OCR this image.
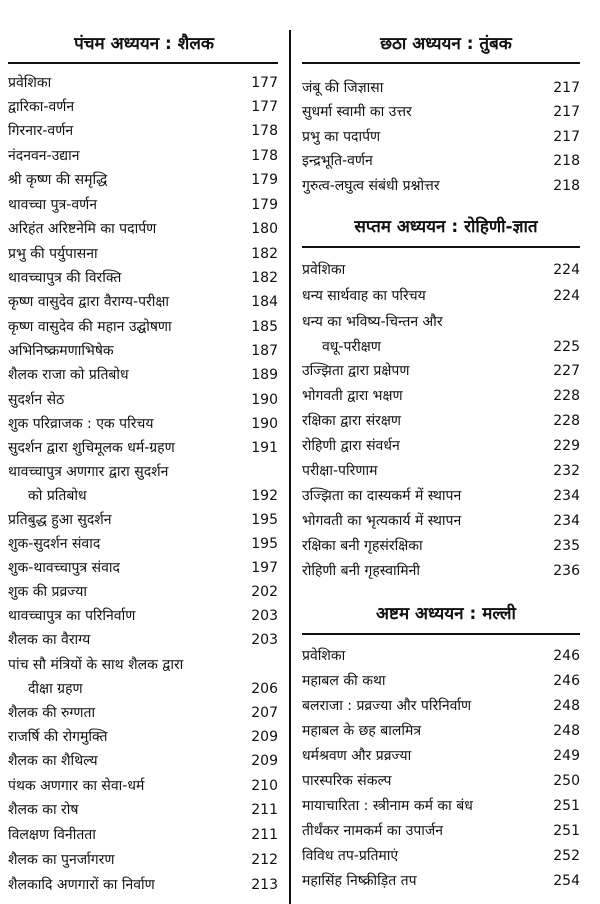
पंचम अध्ययन : शैलक
प्रवेशिका	177
द्वारिका-वर्णन	177
गिरनार-वर्णन	178
नंदनवन-उद्यान	178
श्री कृष्ण की समृद्धि	179
थावच्चा पुत्र-वर्णन	179
अरिहंत अरिष्टनेमि का पदार्पण	180
प्रभु की पर्युपासना	182
थावच्चापुत्र की विरक्ति	182
कृष्ण वासुदेव द्वारा वैराग्य-परीक्षा	184
कृष्ण वासुदेव की महान उद्घोषणा	185
अभिनिष्क्रमणाभिषेक	187
शैलक राजा को प्रतिबोध	189
सुदर्शन सेठ	190
शुक परिव्राजक : एक परिचय	190
सुदर्शन द्वारा शुचिमूलक धर्म-ग्रहण	191
थावच्चापुत्र अणगार द्वारा सुदर्शन
को प्रतिबोध	192
प्रतिबुद्ध हुआ सुदर्शन	195
शुक-सुदर्शन संवाद	195
शुक-थावच्चापुत्र संवाद	197
शुक की प्रव्रज्या	202
थावच्चापुत्र का परिनिर्वाण	203
शैलक का वैराग्य	203
पांच सौ मंत्रियों के साथ शैलक द्वारा
दीक्षा ग्रहण	206
शैलक की रुग्णता	207
राजर्षि की रोगमुक्ति	209
शैलक का शैथिल्य	209
पंथक अणगार का सेवा-धर्म	210
शैलक का रोष	211
विलक्षण विनीतता	211
शैलक का पुनर्जागरण	212
शैलकादि अणगारों का निर्वाण	213
छठा अध्ययन : तुंबक
जंबू की जिज्ञासा	217
सुधर्मा स्वामी का उत्तर	217
प्रभु का पदार्पण	217
इन्द्रभूति-वर्णन	218
गुरुत्व-लघुत्व संबंधी प्रश्नोत्तर	218
सप्तम अध्ययन : रोहिणी-ज्ञात
प्रवेशिका	224
धन्य सार्थवाह का परिचय	224
धन्य का भविष्य-चिन्तन और
वधू-परीक्षण	225
उज्झिता द्वारा प्रक्षेपण	227
भोगवती द्वारा भक्षण	228
रक्षिका द्वारा संरक्षण	228
रोहिणी द्वारा संवर्धन	229
परीक्षा-परिणाम	232
उज्झिता का दास्यकर्म में स्थापन	234
भोगवती का भृत्यकार्य में स्थापन	234
रक्षिका बनी गृहसंरक्षिका	235
रोहिणी बनी गृहस्वामिनी	236
अष्टम अध्ययन : मल्ली
प्रवेशिका	246
महाबल की कथा	246
बलराजा : प्रव्रज्या और परिनिर्वाण	248
महाबल के छह बालमित्र	248
धर्मश्रवण और प्रव्रज्या	249
पारस्परिक संकल्प	250
मायाचारिता : स्त्रीनाम कर्म का बंध	251
तीर्थंकर नामकर्म का उपार्जन	251
विविध तप-प्रतिमाएं	252
महासिंह निष्क्रीड़ित तप	254
